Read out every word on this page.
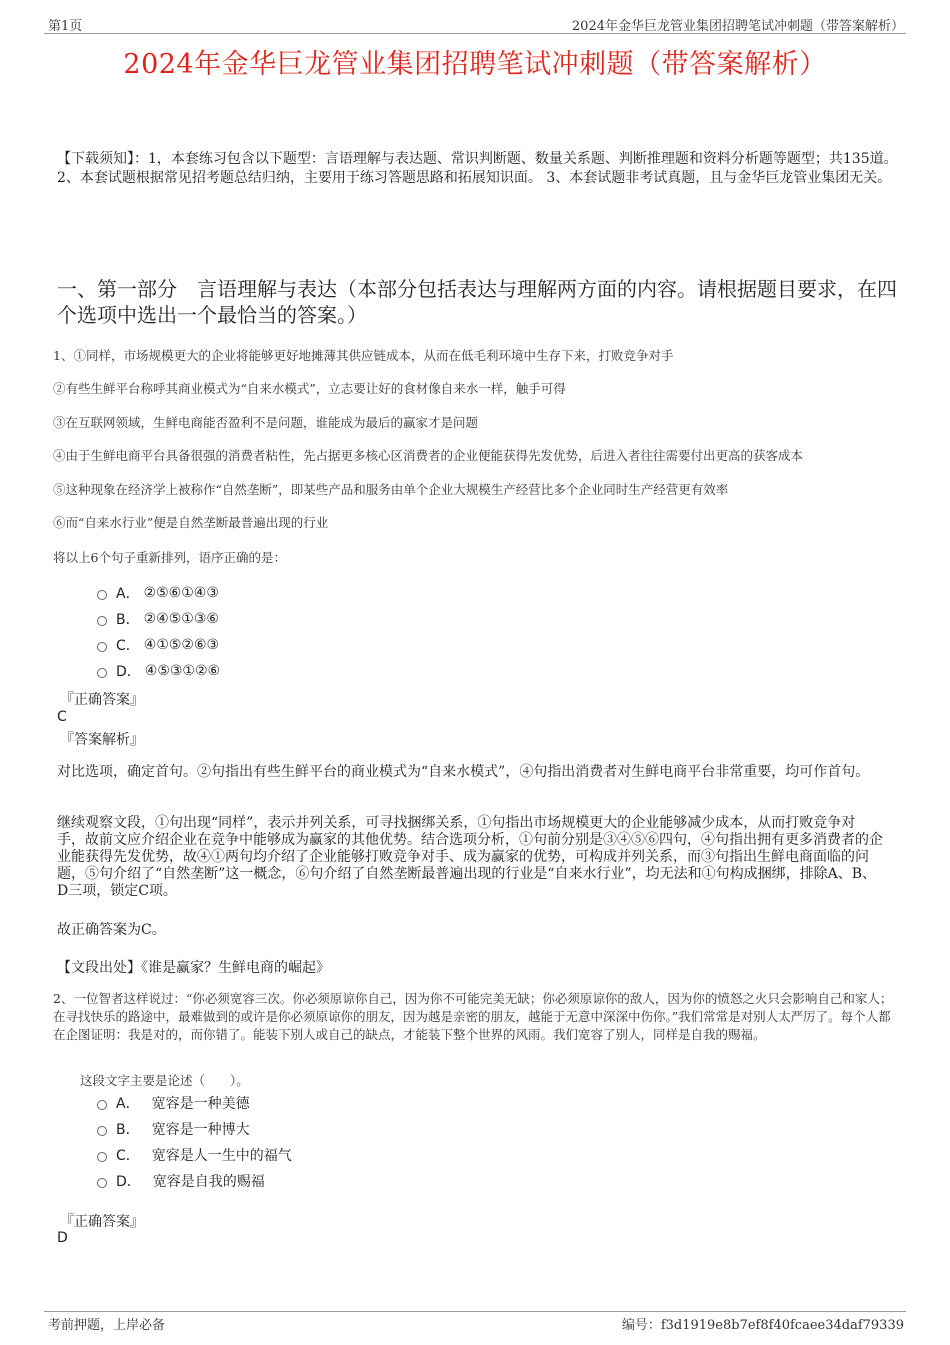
第1页	2024年金华巨龙管业集团招聘笔试冲刺题（带答案解析）
2024年金华巨龙管业集团招聘笔试冲刺题（带答案解析）
【下载须知】：1，本套练习包含以下题型：言语理解与表达题、常识判断题、数量关系题、判断推理题和资料分析题等题型；共135道。 2、本套试题根据常见招考题总结归纳，主要用于练习答题思路和拓展知识面。 3、本套试题非考试真题，且与金华巨龙管业集团无关。
一、第一部分　言语理解与表达（本部分包括表达与理解两方面的内容。请根据题目要求，在四个选项中选出一个最恰当的答案。）
1、①同样，市场规模更大的企业将能够更好地摊薄其供应链成本，从而在低毛利环境中生存下来，打败竞争对手
②有些生鲜平台称呼其商业模式为“自来水模式”，立志要让好的食材像自来水一样，触手可得
③在互联网领域，生鲜电商能否盈利不是问题，谁能成为最后的赢家才是问题
④由于生鲜电商平台具备很强的消费者粘性，先占据更多核心区消费者的企业便能获得先发优势，后进入者往往需要付出更高的获客成本
⑤这种现象在经济学上被称作“自然垄断”，即某些产品和服务由单个企业大规模生产经营比多个企业同时生产经营更有效率
⑥而“自来水行业”便是自然垄断最普遍出现的行业
将以上6个句子重新排列，语序正确的是：
A． ②⑤⑥①④③
B． ②④⑤①③⑥
C． ④①⑤②⑥③
D． ④⑤③①②⑥
『正确答案』
C
『答案解析』
对比选项，确定首句。②句指出有些生鲜平台的商业模式为“自来水模式”，④句指出消费者对生鲜电商平台非常重要，均可作首句。
继续观察文段，①句出现“同样”，表示并列关系，可寻找捆绑关系，①句指出市场规模更大的企业能够减少成本，从而打败竞争对手，故前文应介绍企业在竞争中能够成为赢家的其他优势。结合选项分析，①句前分别是③④⑤⑥四句，④句指出拥有更多消费者的企业能获得先发优势，故④①两句均介绍了企业能够打败竞争对手、成为赢家的优势，可构成并列关系，而③句指出生鲜电商面临的问题，⑤句介绍了“自然垄断”这一概念，⑥句介绍了自然垄断最普遍出现的行业是“自来水行业”，均无法和①句构成捆绑，排除A、B、D三项，锁定C项。
故正确答案为C。
【文段出处】《谁是赢家？生鲜电商的崛起》
2、一位智者这样说过：“你必须宽容三次。你必须原谅你自己，因为你不可能完美无缺；你必须原谅你的敌人，因为你的愤怒之火只会影响自己和家人；在寻找快乐的路途中，最难做到的或许是你必须原谅你的朋友，因为越是亲密的朋友，越能于无意中深深中伤你。”我们常常是对别人太严厉了。每个人都在企图证明：我是对的，而你错了。能装下别人或自己的缺点，才能装下整个世界的风雨。我们宽容了别人，同样是自我的赐福。
这段文字主要是论述（　　）。
A． 宽容是一种美德
B． 宽容是一种博大
C． 宽容是人一生中的福气
D． 宽容是自我的赐福
『正确答案』
D
考前押题，上岸必备	编号：f3d1919e8b7ef8f40fcaee34daf79339
